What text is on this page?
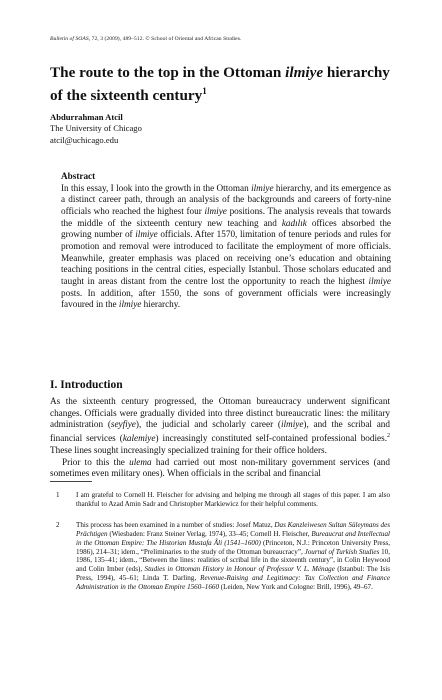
Bulletin of SOAS, 72, 3 (2009), 489–512. © School of Oriental and African Studies.
The route to the top in the Ottoman ilmiye hierarchy of the sixteenth century$^1$
Abdurrahman Atcil
The University of Chicago
atcil@uchicago.edu
Abstract

In this essay, I look into the growth in the Ottoman ilmiye hierarchy, and its emergence as a distinct career path, through an analysis of the backgrounds and careers of forty-nine officials who reached the highest four ilmiye positions. The analysis reveals that towards the middle of the sixteenth century new teaching and kadılık offices absorbed the growing number of ilmiye officials. After 1570, limitation of tenure periods and rules for promotion and removal were introduced to facilitate the employment of more officials. Meanwhile, greater emphasis was placed on receiving one’s education and obtaining teaching positions in the central cities, especially Istanbul. Those scholars educated and taught in areas distant from the centre lost the opportunity to reach the highest ilmiye posts. In addition, after 1550, the sons of government officials were increasingly favoured in the ilmiye hierarchy.

I. Introduction

As the sixteenth century progressed, the Ottoman bureaucracy underwent significant changes. Officials were gradually divided into three distinct bureaucratic lines: the military administration (seyfiye), the judicial and scholarly career (ilmiye), and the scribal and financial services (kalemiye) increasingly constituted self-contained professional bodies.$^2$ These lines sought increasingly specialized training for their office holders.

Prior to this the ulema had carried out most non-military government services (and sometimes even military ones). When officials in the scribal and financial

1 I am grateful to Cornell H. Fleischer for advising and helping me through all stages of this paper. I am also thankful to Azad Amin Sadr and Christopher Markiewicz for their helpful comments.
2 This process has been examined in a number of studies: Josef Matuz, Das Kanzleiwesen Sultan Süleymans des Prächtigen (Wiesbaden: Franz Steiner Verlag, 1974), 33–45; Cornell H. Fleischer, Bureaucrat and Intellectual in the Ottoman Empire: The Historian Mustafa Âli (1541–1600) (Princeton, N.J.: Princeton University Press, 1986), 214–31; idem., “Preliminaries to the study of the Ottoman bureaucracy”, Journal of Turkish Studies 10, 1986, 135–41; idem., “Between the lines: realities of scribal life in the sixteenth century”, in Colin Heywood and Colin Imber (eds), Studies in Ottoman History in Honour of Professor V. L. Ménage (Istanbul: The Isis Press, 1994), 45–61; Linda T. Darling, Revenue-Raising and Legitimacy: Tax Collection and Finance Administration in the Ottoman Empire 1560–1660 (Leiden, New York and Cologne: Brill, 1996), 49–67.
